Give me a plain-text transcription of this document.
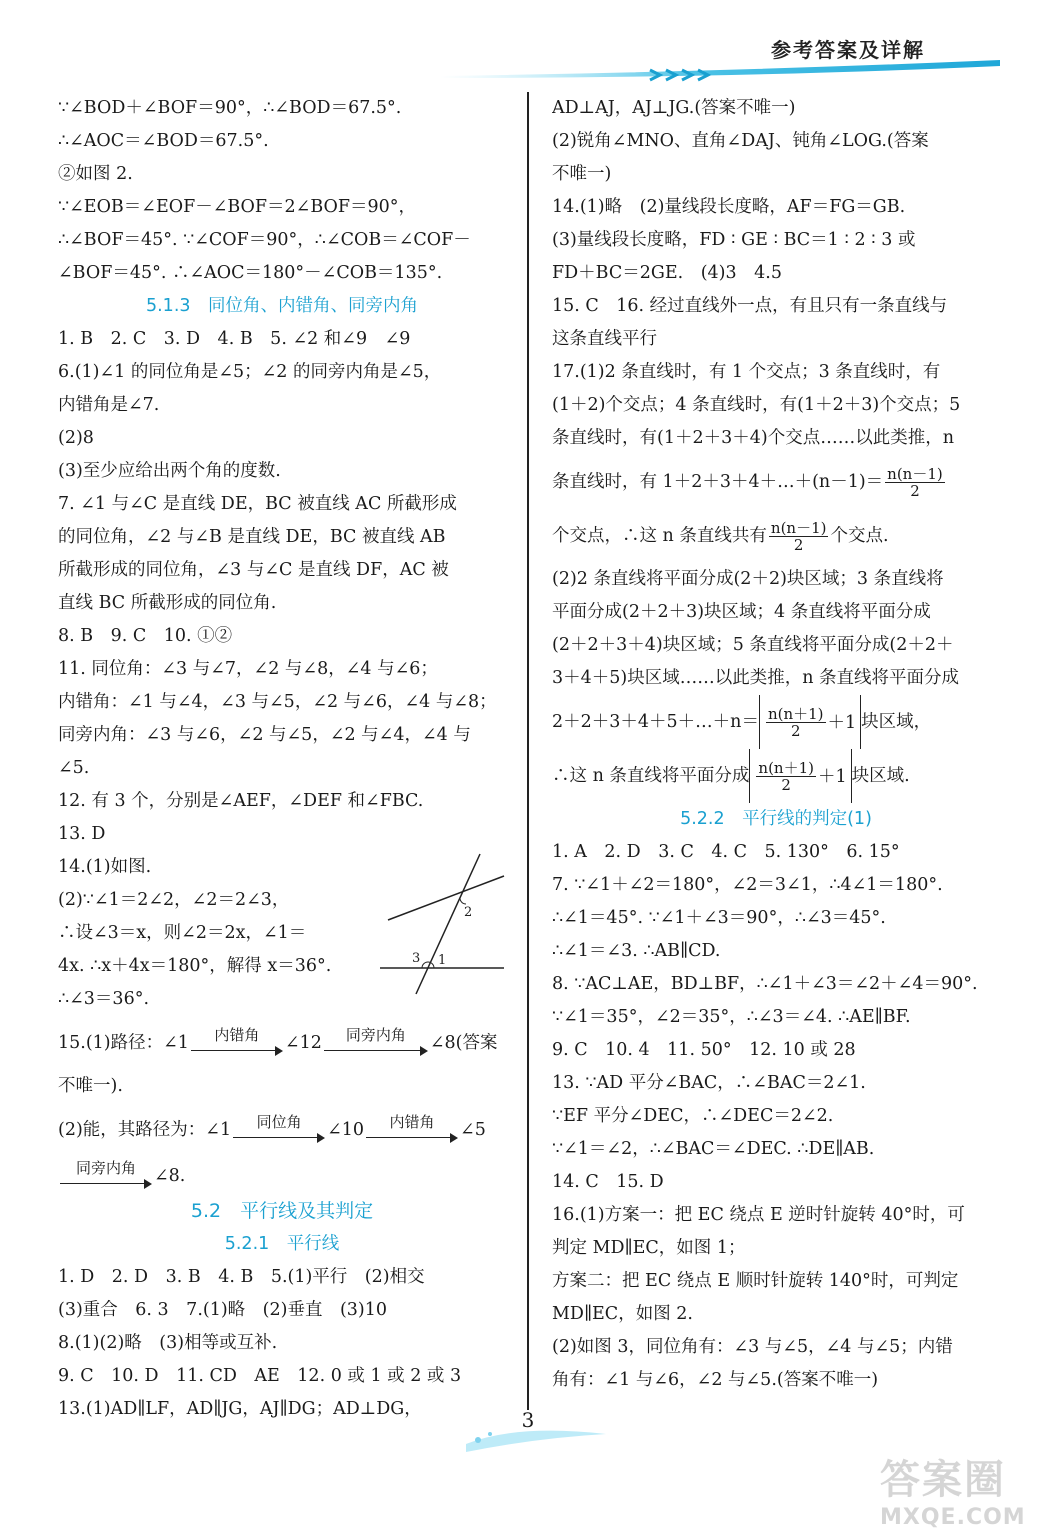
参考答案及详解
∵∠BOD＋∠BOF＝90°，∴∠BOD＝67.5°.
∴∠AOC＝∠BOD＝67.5°.
②如图 2.
∵∠EOB＝∠EOF－∠BOF＝2∠BOF＝90°，
∴∠BOF＝45°. ∵∠COF＝90°，∴∠COB＝∠COF－
∠BOF＝45°. ∴∠AOC＝180°－∠COB＝135°.
5.1.3　同位角、内错角、同旁内角
1. B　2. C　3. D　4. B　5. ∠2 和∠9　∠9
6.(1)∠1 的同位角是∠5；∠2 的同旁内角是∠5，
内错角是∠7.
(2)8
(3)至少应给出两个角的度数.
7. ∠1 与∠C 是直线 DE，BC 被直线 AC 所截形成
的同位角，∠2 与∠B 是直线 DE，BC 被直线 AB
所截形成的同位角，∠3 与∠C 是直线 DF，AC 被
直线 BC 所截形成的同位角.
8. B　9. C　10. ①②
11. 同位角：∠3 与∠7，∠2 与∠8，∠4 与∠6；
内错角：∠1 与∠4，∠3 与∠5，∠2 与∠6，∠4 与∠8；
同旁内角：∠3 与∠6，∠2 与∠5，∠2 与∠4，∠4 与
∠5.
12. 有 3 个，分别是∠AEF，∠DEF 和∠FBC.
13. D
14.(1)如图.
(2)∵∠1＝2∠2，∠2＝2∠3，
∴设∠3＝x，则∠2＝2x，∠1＝
4x. ∴x＋4x＝180°，解得 x＝36°.
∴∠3＝36°.
15.(1)路径：∠1	内错角	∠12	同旁内角	∠8(答案
不唯一).
(2)能，其路径为：∠1	同位角	∠10	内错角	∠5
同旁内角	∠8.
5.2　平行线及其判定
5.2.1　平行线
1. D　2. D　3. B　4. B　5.(1)平行　(2)相交
(3)重合　6. 3　7.(1)略　(2)垂直　(3)10
8.(1)(2)略　(3)相等或互补.
9. C　10. D　11. CD　AE　12. 0 或 1 或 2 或 3
13.(1)AD∥LF，AD∥JG，AJ∥DG；AD⊥DG，
1
2
3
AD⊥AJ，AJ⊥JG.(答案不唯一)
(2)锐角∠MNO、直角∠DAJ、钝角∠LOG.(答案
不唯一)
14.(1)略　(2)量线段长度略，AF＝FG＝GB.
(3)量线段长度略，FD ∶ GE ∶ BC＝1 ∶ 2 ∶ 3 或
FD＋BC＝2GE.　(4)3　4.5
15. C　16. 经过直线外一点，有且只有一条直线与
这条直线平行
17.(1)2 条直线时，有 1 个交点；3 条直线时，有
(1＋2)个交点；4 条直线时，有(1＋2＋3)个交点；5
条直线时，有(1＋2＋3＋4)个交点……以此类推，n
条直线时，有 1＋2＋3＋4＋…＋(n－1)＝ $\frac{n(n-1)}{2}$
个交点，∴这 n 条直线共有 $\frac{n(n-1)}{2}$ 个交点.
(2)2 条直线将平面分成(2＋2)块区域；3 条直线将
平面分成(2＋2＋3)块区域；4 条直线将平面分成
(2＋2＋3＋4)块区域；5 条直线将平面分成(2＋2＋
3＋4＋5)块区域……以此类推，n 条直线将平面分成
2＋2＋3＋4＋5＋…＋n＝ $\frac{n(n+1)}{2} +1$ 块区域，
∴这 n 条直线将平面分成 $\frac{n(n+1)}{2} +1$ 块区域.
5.2.2　平行线的判定(1)
1. A　2. D　3. C　4. C　5. 130°　6. 15°
7. ∵∠1＋∠2＝180°，∠2＝3∠1，∴4∠1＝180°.
∴∠1＝45°. ∵∠1＋∠3＝90°，∴∠3＝45°.
∴∠1＝∠3. ∴AB∥CD.
8. ∵AC⊥AE，BD⊥BF，∴∠1＋∠3＝∠2＋∠4＝90°.
∵∠1＝35°，∠2＝35°，∴∠3＝∠4. ∴AE∥BF.
9. C　10. 4　11. 50°　12. 10 或 28
13. ∵AD 平分∠BAC，∴∠BAC＝2∠1.
∵EF 平分∠DEC，∴∠DEC＝2∠2.
∵∠1＝∠2，∴∠BAC＝∠DEC. ∴DE∥AB.
14. C　15. D
16.(1)方案一：把 EC 绕点 E 逆时针旋转 40°时，可
判定 MD∥EC，如图 1；
方案二：把 EC 绕点 E 顺时针旋转 140°时，可判定
MD∥EC，如图 2.
(2)如图 3，同位角有：∠3 与∠5，∠4 与∠5；内错
角有：∠1 与∠6，∠2 与∠5.(答案不唯一)
3
答案圈
MXQE.COM
